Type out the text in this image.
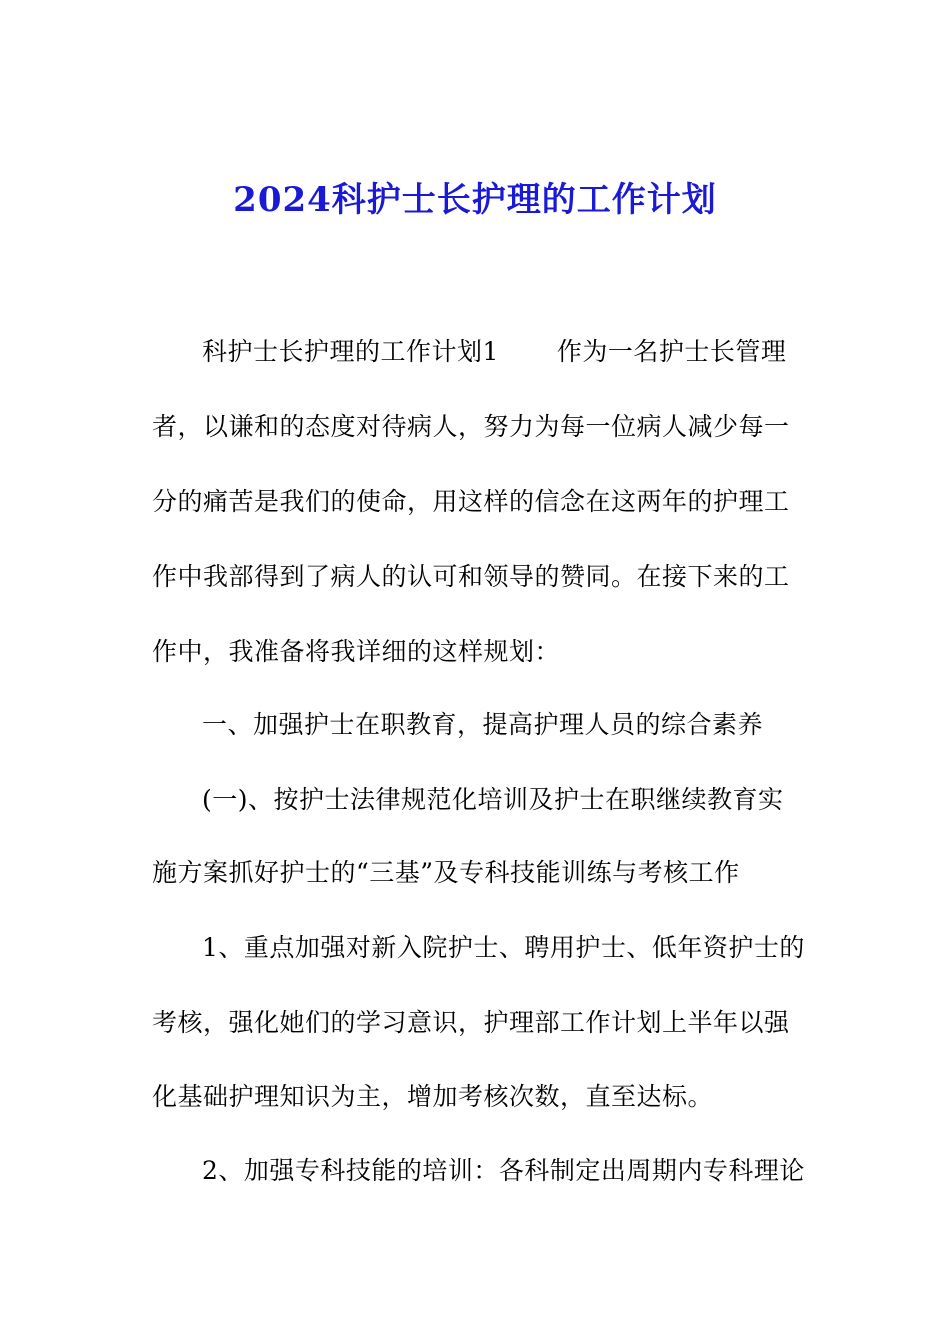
2024科护士长护理的工作计划
科护士长护理的工作计划1 作为一名护士长管理
者，以谦和的态度对待病人，努力为每一位病人减少每一
分的痛苦是我们的使命，用这样的信念在这两年的护理工
作中我部得到了病人的认可和领导的赞同。在接下来的工
作中，我准备将我详细的这样规划：
一、加强护士在职教育，提高护理人员的综合素养
(一)、按护士法律规范化培训及护士在职继续教育实
施方案抓好护士的“三基”及专科技能训练与考核工作
1、重点加强对新入院护士、聘用护士、低年资护士的
考核，强化她们的学习意识，护理部工作计划上半年以强
化基础护理知识为主，增加考核次数，直至达标。
2、加强专科技能的培训：各科制定出周期内专科理论
